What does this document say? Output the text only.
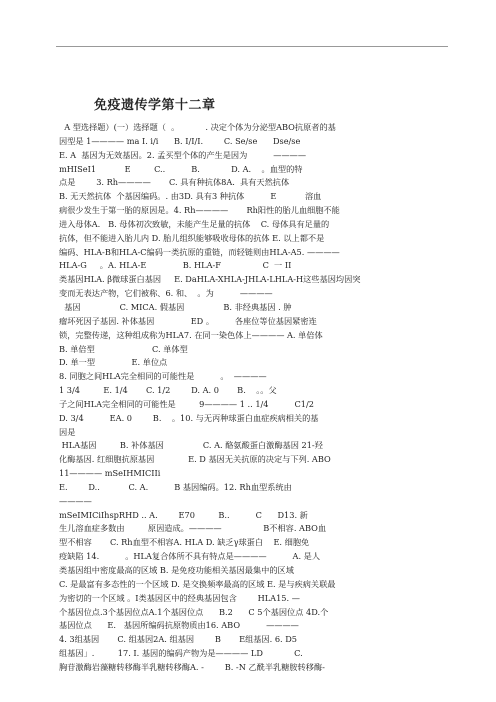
免疫遗传学第十二章
A 型选择题）(一）选择题（  。          . 决定个体为分泌型ABO抗原者的基
因型是 1———— ma I. i/i      B. I/I/I.        C. Se/se      Dse/se
E. A  基因为无效基因。2. 孟买型个体的产生是因为          ————
mHISeI1           E         C..          B.            D. A.    。血型的特
点是        3. Rh————       C. 具有种抗体8A.  具有天然抗体
B. 无天然抗体  个基因编码。. 由3D. 具有3 种抗体          E           溶血
病很少发生于第一胎的原因是。4. Rh————       Rh阳性的胎儿血细胞不能
进入母体A.   B. 母体初次致敏，未能产生足量的抗体    C. 母体具有足量的
抗体，但不能进入胎儿内 D. 胎儿组织能够吸收母体的抗体 E. 以上都不是
编码、HLA-B和HLA-C编码一类抗原的重链，而轻链则由HLA-A5. ————
HLA-G     。A. HLA-E              B. HLA-F                C  一 II
类基因HLA. β微球蛋白基因     E. DaHLA-XHLA-JHLA-LHLA-H这些基因均因突
变而无表达产物，它们被称、6. 和、  。为          ————
基因               C. MICA. 假基因               B. 非经典基因 . 肿
瘤坏死因子基因. 补体基因              ED 。        各座位等位基因紧密连
锁，完整传递，这种组成称为HLA7. 在同一染色体上———— A. 单倍体
B. 单倍型                      C. 单体型
D. 单一型              E. 单位点
8. 同胞之间HLA完全相同的可能性是          。  ————
1 3/4         E. 1/4       C. 1/2        D. A. 0       B.    。。父
子之间HLA完全相同的可能性是         9———— 1 .. 1/4          C1/2
D. 3/4          EA. 0        B.    。10. 与无丙种球蛋白血症疾病相关的基
因是
HLA基因         B. 补体基因               C. A. 酪氨酸蛋白激酶基因 21-羟
化酶基因. 红细胞抗原基因             E. D 基因无关抗原的决定与下列. ABO
11———— mSeIHMICIIi
E.        D..           C. A.          B 基因编码。12. Rh血型系统由
————
mSeIMICiIhspRHD .. A.        E70         B..          C      D13. 新
生儿溶血症多数由         原因造成。————                B不相容. ABO血
型不相容       C. Rh血型不相容A. HLA D. 缺乏γ球蛋白    E. 细胞免
疫缺陷 14.          。HLA复合体所不具有特点是————          A. 是人
类基因组中密度最高的区域 B. 是免疫功能相关基因最集中的区域
C. 是最富有多态性的一个区域 D. 是交换频率最高的区域 E. 是与疾病关联最
为密切的一个区域 。I类基因区中的经典基因包含        HLA15. —
个基因位点.3个基因位点A.1个基因位点      B.2      C 5个基因位点 4D.个
基因位点      E.   基因所编码抗原物质由16. ABO          ————
4. 3组基因       C. 组基因2A. 组基因        B       E组基因. 6. D5
组基因」.         17. I. 基因的编码产物为是———— LD            C.
胸苷激酶岩藻糖转移酶半乳糖转移酶A. -        B. -N 乙酰半乳糖胺转移酶-
